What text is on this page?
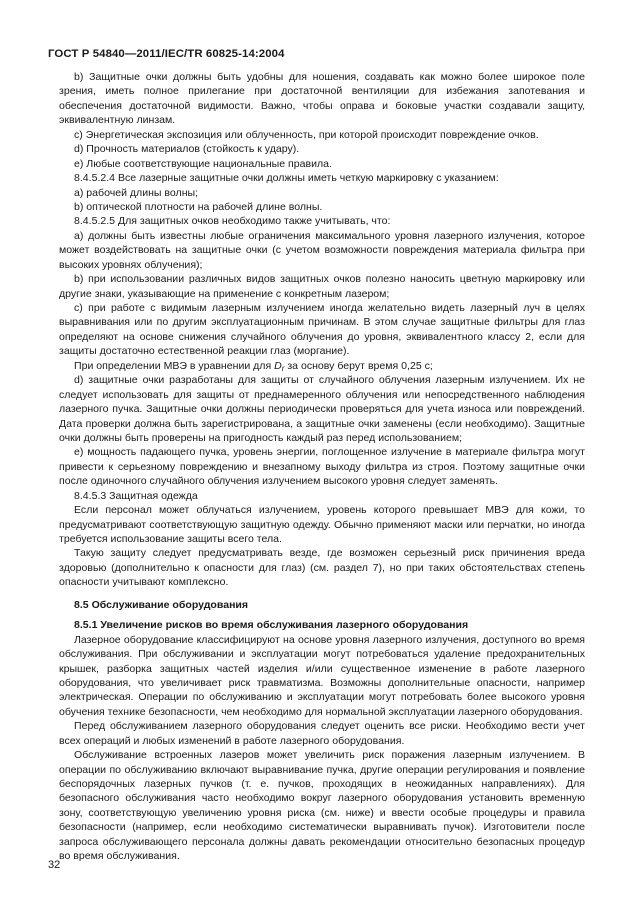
ГОСТ Р 54840—2011/IEC/TR 60825-14:2004

b) Защитные очки должны быть удобны для ношения, создавать как можно более широкое поле зрения, иметь полное прилегание при достаточной вентиляции для избежания запотевания и обеспечения достаточной видимости. Важно, чтобы оправа и боковые участки создавали защиту, эквивалентную линзам.

c) Энергетическая экспозиция или облученность, при которой происходит повреждение очков.

d) Прочность материалов (стойкость к удару).

e) Любые соответствующие национальные правила.

8.4.5.2.4 Все лазерные защитные очки должны иметь четкую маркировку с указанием:

a) рабочей длины волны;

b) оптической плотности на рабочей длине волны.

8.4.5.2.5 Для защитных очков необходимо также учитывать, что:

a) должны быть известны любые ограничения максимального уровня лазерного излучения, которое может воздействовать на защитные очки (с учетом возможности повреждения материала фильтра при высоких уровнях облучения);

b) при использовании различных видов защитных очков полезно наносить цветную маркировку или другие знаки, указывающие на применение с конкретным лазером;

c) при работе с видимым лазерным излучением иногда желательно видеть лазерный луч в целях выравнивания или по другим эксплуатационным причинам. В этом случае защитные фильтры для глаз определяют на основе снижения случайного облучения до уровня, эквивалентного классу 2, если для защиты достаточно естественной реакции глаз (моргание).

При определении МВЭ в уравнении для $D_r$ за основу берут время 0,25 с;

d) защитные очки разработаны для защиты от случайного облучения лазерным излучением. Их не следует использовать для защиты от преднамеренного облучения или непосредственного наблюдения лазерного пучка. Защитные очки должны периодически проверяться для учета износа или повреждений. Дата проверки должна быть зарегистрирована, а защитные очки заменены (если необходимо). Защитные очки должны быть проверены на пригодность каждый раз перед использованием;

e) мощность падающего пучка, уровень энергии, поглощенное излучение в материале фильтра могут привести к серьезному повреждению и внезапному выходу фильтра из строя. Поэтому защитные очки после одиночного случайного облучения излучением высокого уровня следует заменять.

8.4.5.3 Защитная одежда

Если персонал может облучаться излучением, уровень которого превышает МВЭ для кожи, то предусматривают соответствующую защитную одежду. Обычно применяют маски или перчатки, но иногда требуется использование защиты всего тела.

Такую защиту следует предусматривать везде, где возможен серьезный риск причинения вреда здоровью (дополнительно к опасности для глаз) (см. раздел 7), но при таких обстоятельствах степень опасности учитывают комплексно.

8.5 Обслуживание оборудования

8.5.1 Увеличение рисков во время обслуживания лазерного оборудования

Лазерное оборудование классифицируют на основе уровня лазерного излучения, доступного во время обслуживания. При обслуживании и эксплуатации могут потребоваться удаление предохранительных крышек, разборка защитных частей изделия и/или существенное изменение в работе лазерного оборудования, что увеличивает риск травматизма. Возможны дополнительные опасности, например электрическая. Операции по обслуживанию и эксплуатации могут потребовать более высокого уровня обучения технике безопасности, чем необходимо для нормальной эксплуатации лазерного оборудования.

Перед обслуживанием лазерного оборудования следует оценить все риски. Необходимо вести учет всех операций и любых изменений в работе лазерного оборудования.

Обслуживание встроенных лазеров может увеличить риск поражения лазерным излучением. В операции по обслуживанию включают выравнивание пучка, другие операции регулирования и появление беспорядочных лазерных пучков (т. е. пучков, проходящих в неожиданных направлениях). Для безопасного обслуживания часто необходимо вокруг лазерного оборудования установить временную зону, соответствующую увеличению уровня риска (см. ниже) и ввести особые процедуры и правила безопасности (например, если необходимо систематически выравнивать пучок). Изготовители после запроса обслуживающего персонала должны давать рекомендации относительно безопасных процедур во время обслуживания.

32
